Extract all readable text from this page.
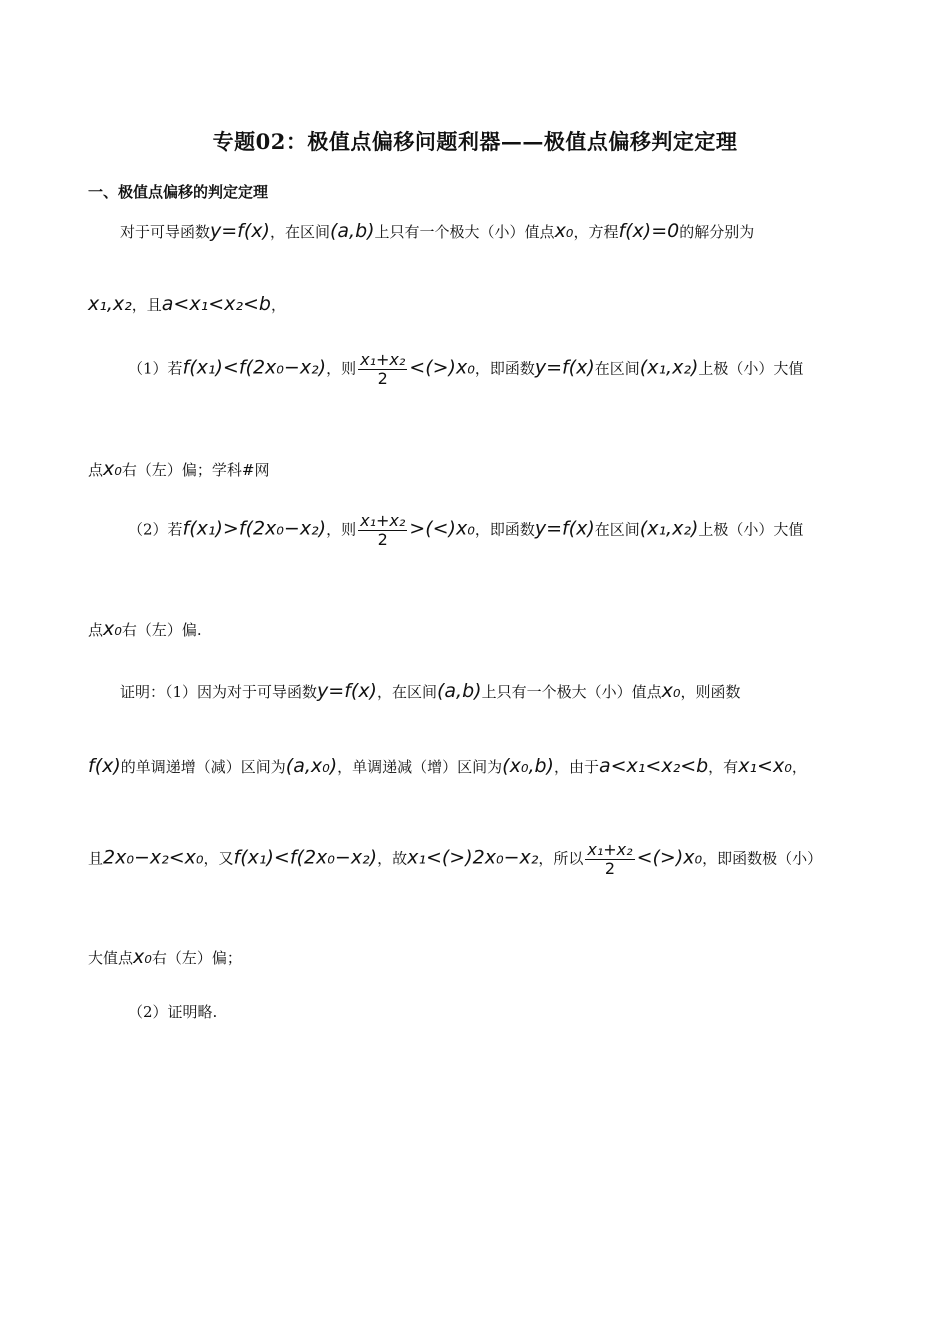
专题02：极值点偏移问题利器——极值点偏移判定定理
一、极值点偏移的判定定理
对于可导函数y=f(x)，在区间(a,b)上只有一个极大（小）值点x₀，方程f(x)=0的解分别为
x₁,x₂，且a<x₁<x₂<b，
（1）若f(x₁)<f(2x₀−x₂)，则 $\frac{\text{x₁+x₂}}{2} <(>)x_0$，即函数y=f(x)在区间(x₁,x₂)上极（小）大值
点x₀右（左）偏；学科#网
（2）若f(x₁)>f(2x₀−x₂)，则 $\frac{\text{x₁+x₂}}{2} >(<)x_0$，即函数y=f(x)在区间(x₁,x₂)上极（小）大值
点x₀右（左）偏.
证明：（1）因为对于可导函数y=f(x)，在区间(a,b)上只有一个极大（小）值点x₀，则函数
f(x)的单调递增（减）区间为(a,x₀)，单调递减（增）区间为(x₀,b)，由于a<x₁<x₂<b，有x₁<x₀，
且2x₀−x₂<x₀，又f(x₁)<f(2x₀−x₂)，故x₁<(>)2x₀−x₂，所以 $\frac{\text{x₁+x₂}}{2} <(>)x_0$，即函数极（小）
大值点x₀右（左）偏；
（2）证明略.
